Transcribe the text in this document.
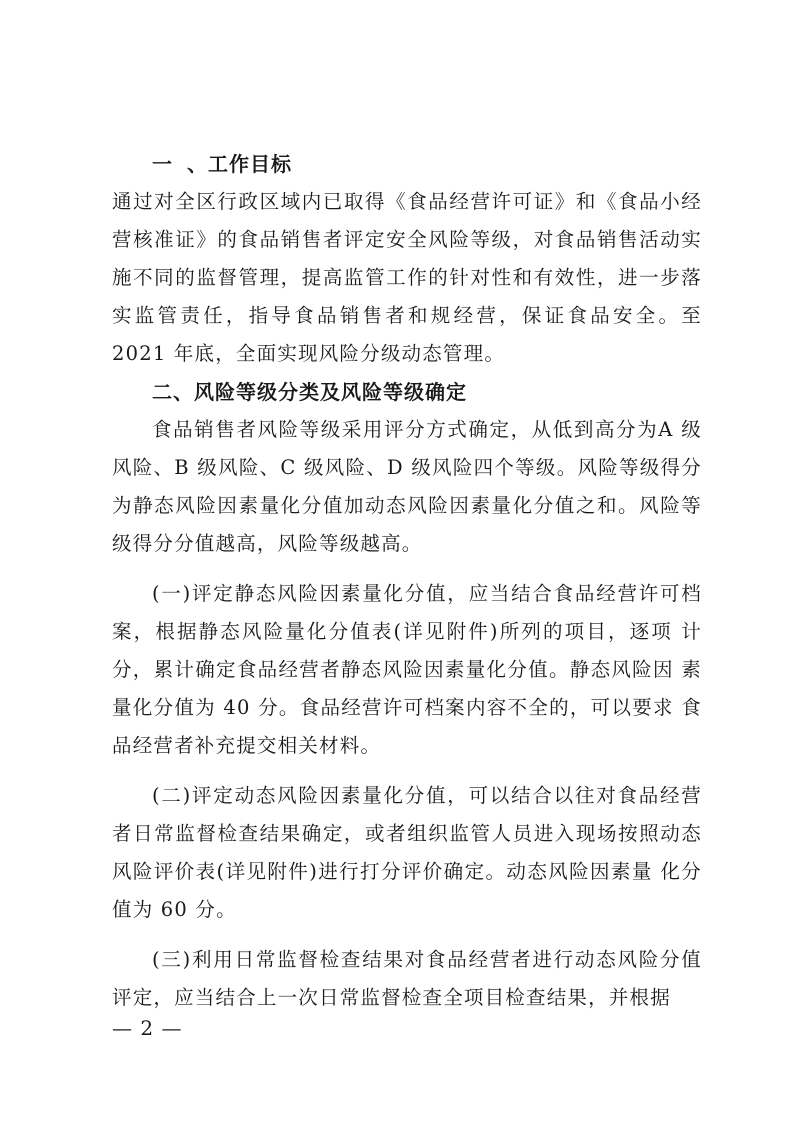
一 、工作目标

通过对全区行政区域内已取得《食品经营许可证》和《食品小经营核准证》的食品销售者评定安全风险等级，对食品销售活动实施不同的监督管理，提高监管工作的针对性和有效性，进一步落实监管责任，指导食品销售者和规经营，保证食品安全。至 2021 年底，全面实现风险分级动态管理。

二、风险等级分类及风险等级确定

食品销售者风险等级采用评分方式确定，从低到高分为A 级风险、B 级风险、C 级风险、D 级风险四个等级。风险等级得分为静态风险因素量化分值加动态风险因素量化分值之和。风险等级得分分值越高，风险等级越高。

(一)评定静态风险因素量化分值，应当结合食品经营许可档案，根据静态风险量化分值表(详见附件)所列的项目，逐项 计分，累计确定食品经营者静态风险因素量化分值。静态风险因 素量化分值为 40 分。食品经营许可档案内容不全的，可以要求 食品经营者补充提交相关材料。

(二)评定动态风险因素量化分值，可以结合以往对食品经营者日常监督检查结果确定，或者组织监管人员进入现场按照动态风险评价表(详见附件)进行打分评价确定。动态风险因素量 化分值为 60 分。

(三)利用日常监督检查结果对食品经营者进行动态风险分值评定，应当结合上一次日常监督检查全项目检查结果，并根据

— 2 —
